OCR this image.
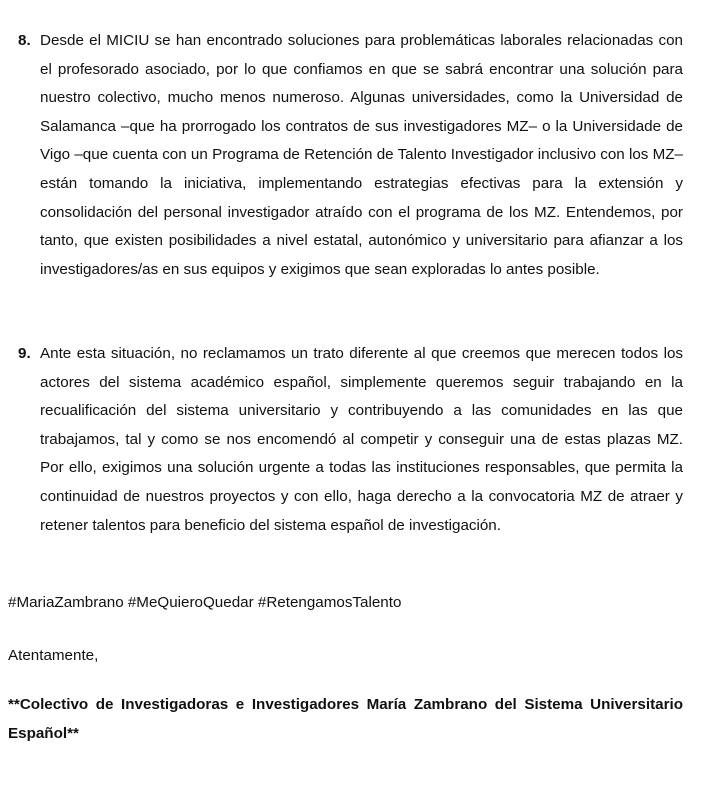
8. Desde el MICIU se han encontrado soluciones para problemáticas laborales relacionadas con el profesorado asociado, por lo que confiamos en que se sabrá encontrar una solución para nuestro colectivo, mucho menos numeroso. Algunas universidades, como la Universidad de Salamanca –que ha prorrogado los contratos de sus investigadores MZ– o la Universidade de Vigo –que cuenta con un Programa de Retención de Talento Investigador inclusivo con los MZ– están tomando la iniciativa, implementando estrategias efectivas para la extensión y consolidación del personal investigador atraído con el programa de los MZ. Entendemos, por tanto, que existen posibilidades a nivel estatal, autonómico y universitario para afianzar a los investigadores/as en sus equipos y exigimos que sean exploradas lo antes posible.
9. Ante esta situación, no reclamamos un trato diferente al que creemos que merecen todos los actores del sistema académico español, simplemente queremos seguir trabajando en la recualificación del sistema universitario y contribuyendo a las comunidades en las que trabajamos, tal y como se nos encomendó al competir y conseguir una de estas plazas MZ. Por ello, exigimos una solución urgente a todas las instituciones responsables, que permita la continuidad de nuestros proyectos y con ello, haga derecho a la convocatoria MZ de atraer y retener talentos para beneficio del sistema español de investigación.
#MariaZambrano #MeQuieroQuedar #RetengamosTalento
Atentamente,
**Colectivo de Investigadoras e Investigadores María Zambrano del Sistema Universitario Español**
